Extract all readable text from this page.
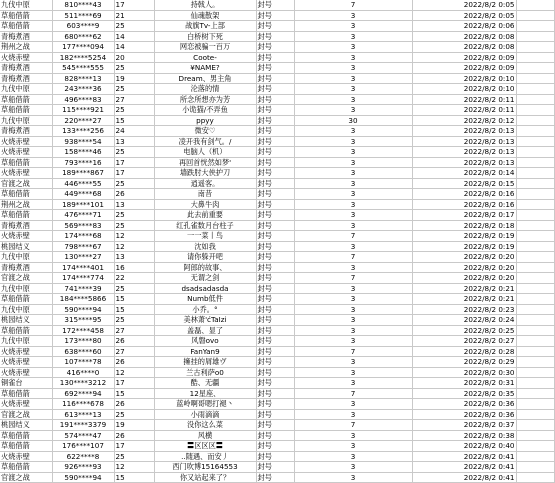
九伐中原	810****43	17	持戟人。	封号	7	2022/8/2 0:05	
草船借箭	511****69	21	仙魂散架	封号	3	2022/8/2 0:05	
草船借箭	603****9	25	战旗Tv-上部	封号	3	2022/8/2 0:06	
青梅煮酒	680****62	14	白桥树下死	封号	3	2022/8/2 0:08	
荆州之战	177****094	14	网恋被骗一百万	封号	3	2022/8/2 0:08	
火烧赤壁	182****5254	20	Coote-	封号	3	2022/8/2 0:09	
青梅煮酒	545****555	25	¥NAME?	封号	3	2022/8/2 0:09	
青梅煮酒	828****13	19	Dream、男主角	封号	3	2022/8/2 0:10	
九伐中原	243****36	25	沦落的情	封号	3	2022/8/2 0:10	
草船借箭	496****83	27	所念所想亦为芳	封号	3	2022/8/2 0:11	
草船借箭	115****921	25	小诡猫/不弄鱼	封号	3	2022/8/2 0:11	
九伐中原	220****27	15	ppyy	封号	30	2022/8/2 0:12	
青梅煮酒	133****256	24	微安♡	封号	3	2022/8/2 0:13	
火烧赤壁	938****54	13	凌开我有剑气。/	封号	3	2022/8/2 0:13	
火烧赤壁	158****46	25	电脑人（机）	封号	3	2022/8/2 0:13	
草船借箭	793****16	17	再回首恍然如梦'	封号	3	2022/8/2 0:13	
火烧赤壁	189****867	17	墙跌肘大侠护刀	封号	3	2022/8/2 0:14	
官渡之战	446****55	25	逍遥客。	封号	3	2022/8/2 0:15	
草船借箭	449****68	26	南昔	封号	3	2022/8/2 0:16	
荆州之战	189****101	13	大鼻牛肉	封号	3	2022/8/2 0:16	
草船借箭	476****71	25	此去前重要	封号	3	2022/8/2 0:17	
青梅煮酒	569****83	25	红孔雀数月台柱子	封号	3	2022/8/2 0:18	
火烧赤壁	174****68	12	一一菜丨鸟	封号	7	2022/8/2 0:19	
桃园结义	798****67	12	沈如我	封号	3	2022/8/2 0:19	
九伐中原	130****27	13	请你躲开吧	封号	7	2022/8/2 0:20	
青梅煮酒	174****401	16	阿郎的故事、	封号	3	2022/8/2 0:20	
官渡之战	174****774	22	无谓之剑	封号	7	2022/8/2 0:20	
九伐中原	741****39	25	dsadsadasda	封号	3	2022/8/2 0:21	
草船借箭	184****5866	15	Numb低件	封号	3	2022/8/2 0:21	
九伐中原	590****94	15	小乔。°	封号	3	2022/8/2 0:23	
桃园结义	315****95	25	美林萧'ćTaIzi	封号	3	2022/8/2 0:24	
草船借箭	172****458	27	盖磊、显了	封号	3	2022/8/2 0:25	
九伐中原	173****80	26	风磐ovo	封号	3	2022/8/2 0:27	
火烧赤壁	638****60	27	FanYan9	封号	7	2022/8/2 0:28	
火烧赤壁	107****78	26	擁挂的屑雄ヴ	封号	3	2022/8/2 0:29	
火烧赤壁	416****0	12	兰古利萨o0	封号	3	2022/8/2 0:30	
铜雀台	130****3212	17	酷、无疆	封号	3	2022/8/2 0:31	
草船借箭	692****94	15	12星座、	封号	7	2022/8/2 0:35	
火烧赤壁	116****678	26	蓝岭啊哥嗯打褪丶	封号	3	2022/8/2 0:36	
官渡之战	613****13	25	小雨滴滴	封号	3	2022/8/2 0:36	
桃园结义	191****3379	19	没你这么菜	封号	7	2022/8/2 0:37	
草船借箭	574****47	26	风横	封号	3	2022/8/2 0:38	
草船借箭	176****107	17	〓区区区〓	封号	3	2022/8/2 0:40	
火烧赤壁	622****8	25	..随遇、而安丿	封号	3	2022/8/2 0:41	
草船借箭	926****93	12	西门吹博15164553	封号	3	2022/8/2 0:41	
官渡之战	590****94	15	你又站起来了？	封号	3	2022/8/2 0:41	
